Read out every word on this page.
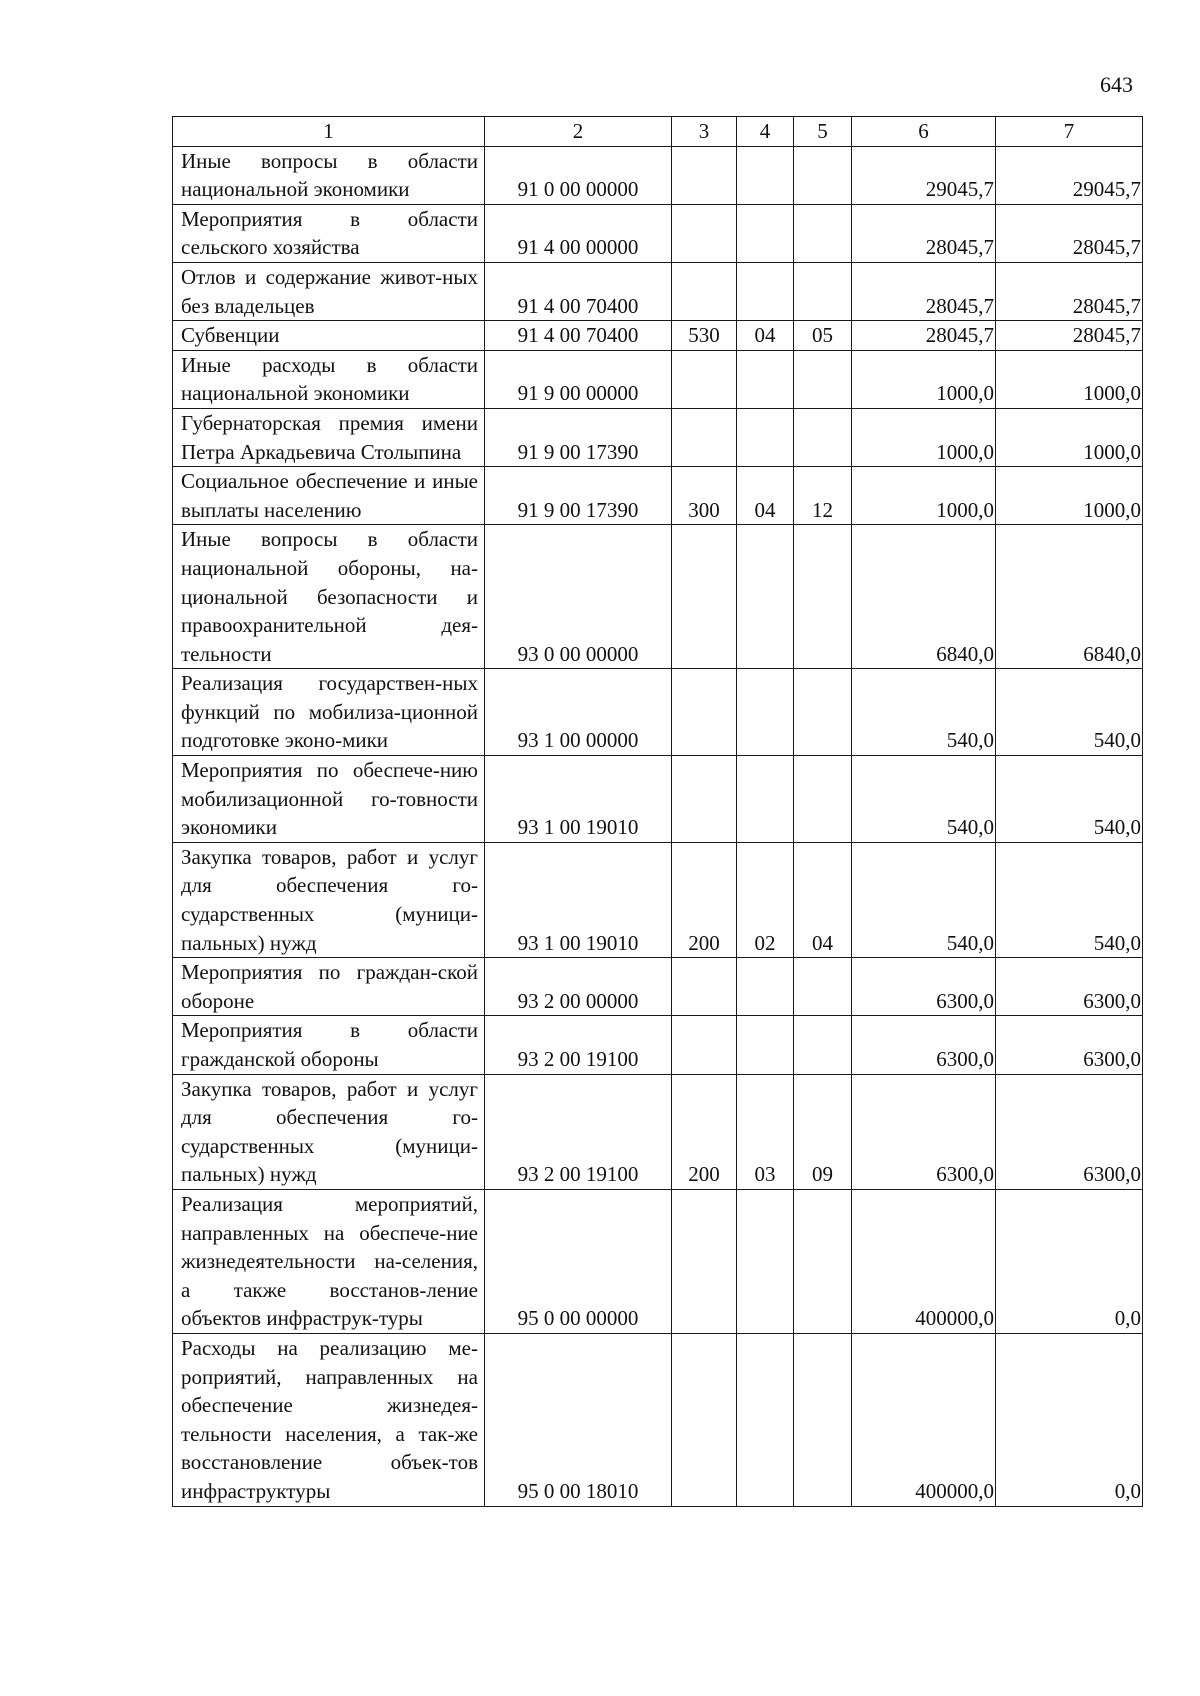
643
1	2	3	4	5	6	7
Иные вопросы в области национальной экономики	91 0 00 00000				29045,7	29045,7
Мероприятия в области сельского хозяйства	91 4 00 00000				28045,7	28045,7
Отлов и содержание живот-ных без владельцев	91 4 00 70400				28045,7	28045,7
Субвенции	91 4 00 70400	530	04	05	28045,7	28045,7
Иные расходы в области национальной экономики	91 9 00 00000				1000,0	1000,0
Губернаторская премия имени Петра Аркадьевича Столыпина	91 9 00 17390				1000,0	1000,0
Социальное обеспечение и иные выплаты населению	91 9 00 17390	300	04	12	1000,0	1000,0
Иные вопросы в области национальной обороны, на-циональной безопасности и правоохранительной дея-тельности	93 0 00 00000				6840,0	6840,0
Реализация государствен-ных функций по мобилиза-ционной подготовке эконо-мики	93 1 00 00000				540,0	540,0
Мероприятия по обеспече-нию мобилизационной го-товности экономики	93 1 00 19010				540,0	540,0
Закупка товаров, работ и услуг для обеспечения го-сударственных (муници-пальных) нужд	93 1 00 19010	200	02	04	540,0	540,0
Мероприятия по граждан-ской обороне	93 2 00 00000				6300,0	6300,0
Мероприятия в области гражданской обороны	93 2 00 19100				6300,0	6300,0
Закупка товаров, работ и услуг для обеспечения го-сударственных (муници-пальных) нужд	93 2 00 19100	200	03	09	6300,0	6300,0
Реализация мероприятий, направленных на обеспече-ние жизнедеятельности на-селения, а также восстанов-ление объектов инфраструк-туры	95 0 00 00000				400000,0	0,0
Расходы на реализацию ме-роприятий, направленных на обеспечение жизнедея-тельности населения, а так-же восстановление объек-тов инфраструктуры	95 0 00 18010				400000,0	0,0
